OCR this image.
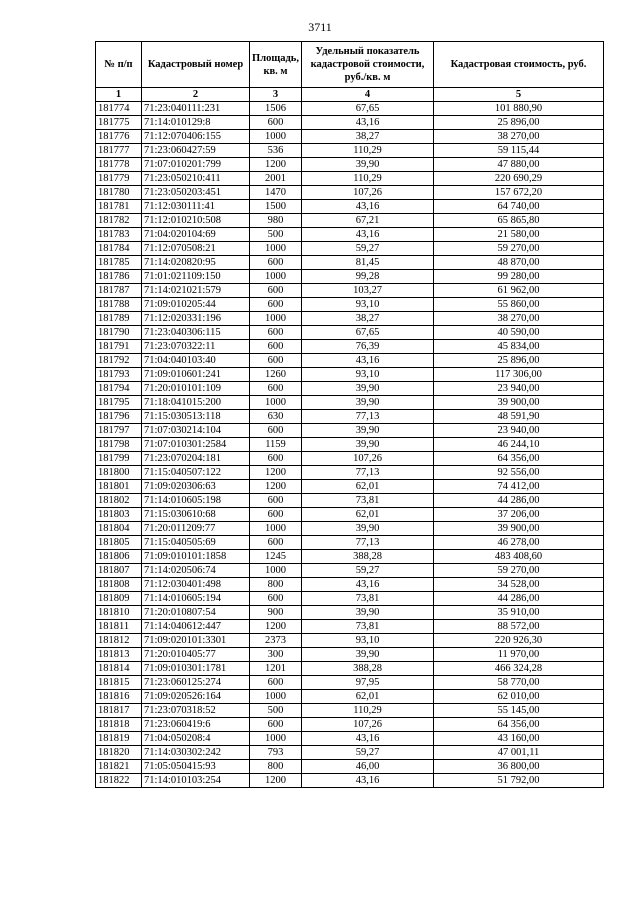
3711
№ п/п	Кадастровый номер	Площадь, кв. м	Удельный показатель кадастровой стоимости, руб./кв. м	Кадастровая стоимость, руб.
1	2	3	4	5
181774	71:23:040111:231	1506	67,65	101 880,90
181775	71:14:010129:8	600	43,16	25 896,00
181776	71:12:070406:155	1000	38,27	38 270,00
181777	71:23:060427:59	536	110,29	59 115,44
181778	71:07:010201:799	1200	39,90	47 880,00
181779	71:23:050210:411	2001	110,29	220 690,29
181780	71:23:050203:451	1470	107,26	157 672,20
181781	71:12:030111:41	1500	43,16	64 740,00
181782	71:12:010210:508	980	67,21	65 865,80
181783	71:04:020104:69	500	43,16	21 580,00
181784	71:12:070508:21	1000	59,27	59 270,00
181785	71:14:020820:95	600	81,45	48 870,00
181786	71:01:021109:150	1000	99,28	99 280,00
181787	71:14:021021:579	600	103,27	61 962,00
181788	71:09:010205:44	600	93,10	55 860,00
181789	71:12:020331:196	1000	38,27	38 270,00
181790	71:23:040306:115	600	67,65	40 590,00
181791	71:23:070322:11	600	76,39	45 834,00
181792	71:04:040103:40	600	43,16	25 896,00
181793	71:09:010601:241	1260	93,10	117 306,00
181794	71:20:010101:109	600	39,90	23 940,00
181795	71:18:041015:200	1000	39,90	39 900,00
181796	71:15:030513:118	630	77,13	48 591,90
181797	71:07:030214:104	600	39,90	23 940,00
181798	71:07:010301:2584	1159	39,90	46 244,10
181799	71:23:070204:181	600	107,26	64 356,00
181800	71:15:040507:122	1200	77,13	92 556,00
181801	71:09:020306:63	1200	62,01	74 412,00
181802	71:14:010605:198	600	73,81	44 286,00
181803	71:15:030610:68	600	62,01	37 206,00
181804	71:20:011209:77	1000	39,90	39 900,00
181805	71:15:040505:69	600	77,13	46 278,00
181806	71:09:010101:1858	1245	388,28	483 408,60
181807	71:14:020506:74	1000	59,27	59 270,00
181808	71:12:030401:498	800	43,16	34 528,00
181809	71:14:010605:194	600	73,81	44 286,00
181810	71:20:010807:54	900	39,90	35 910,00
181811	71:14:040612:447	1200	73,81	88 572,00
181812	71:09:020101:3301	2373	93,10	220 926,30
181813	71:20:010405:77	300	39,90	11 970,00
181814	71:09:010301:1781	1201	388,28	466 324,28
181815	71:23:060125:274	600	97,95	58 770,00
181816	71:09:020526:164	1000	62,01	62 010,00
181817	71:23:070318:52	500	110,29	55 145,00
181818	71:23:060419:6	600	107,26	64 356,00
181819	71:04:050208:4	1000	43,16	43 160,00
181820	71:14:030302:242	793	59,27	47 001,11
181821	71:05:050415:93	800	46,00	36 800,00
181822	71:14:010103:254	1200	43,16	51 792,00
